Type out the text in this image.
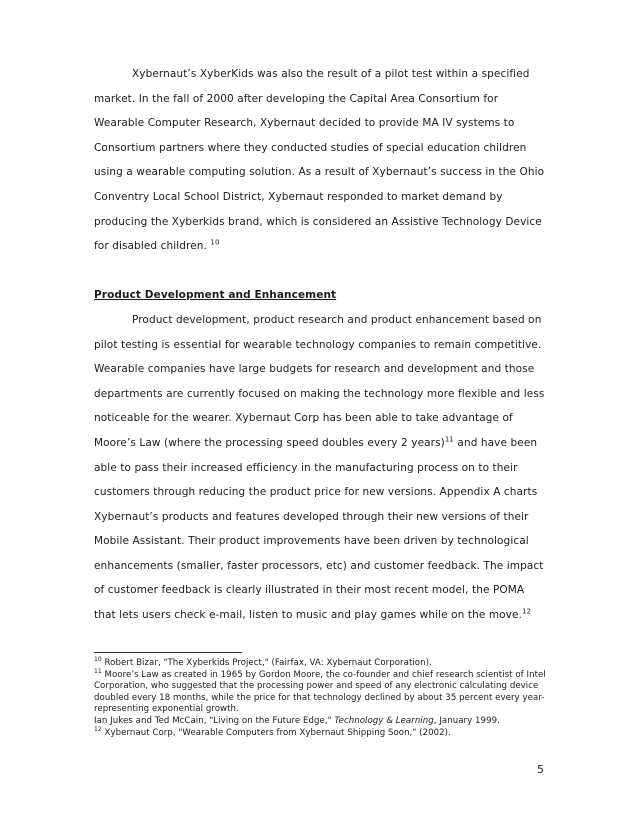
Xybernaut’s XyberKids was also the result of a pilot test within a specified market. In the fall of 2000 after developing the Capital Area Consortium for Wearable Computer Research, Xybernaut decided to provide MA IV systems to Consortium partners where they conducted studies of special education children using a wearable computing solution. As a result of Xybernaut’s success in the Ohio Conventry Local School District, Xybernaut responded to market demand by producing the Xyberkids brand, which is considered an Assistive Technology Device for disabled children. $^{10}$

Product Development and Enhancement

Product development, product research and product enhancement based on pilot testing is essential for wearable technology companies to remain competitive. Wearable companies have large budgets for research and development and those departments are currently focused on making the technology more flexible and less noticeable for the wearer. Xybernaut Corp has been able to take advantage of Moore’s Law (where the processing speed doubles every 2 years)$^{11}$ and have been able to pass their increased efficiency in the manufacturing process on to their customers through reducing the product price for new versions. Appendix A charts Xybernaut’s products and features developed through their new versions of their Mobile Assistant. Their product improvements have been driven by technological enhancements (smaller, faster processors, etc) and customer feedback. The impact of customer feedback is clearly illustrated in their most recent model, the POMA that lets users check e-mail, listen to music and play games while on the move.$^{12}$

$^{10}$ Robert Bizar, "The Xyberkids Project," (Fairfax, VA: Xybernaut Corporation).

$^{11}$ Moore’s Law as created in 1965 by Gordon Moore, the co-founder and chief research scientist of Intel Corporation, who suggested that the processing power and speed of any electronic calculating device doubled every 18 months, while the price for that technology declined by about 35 percent every year-representing exponential growth.

Ian Jukes and Ted McCain, "Living on the Future Edge," Technology & Learning, January 1999.

$^{12}$ Xybernaut Corp, "Wearable Computers from Xybernaut Shipping Soon," (2002).

5
